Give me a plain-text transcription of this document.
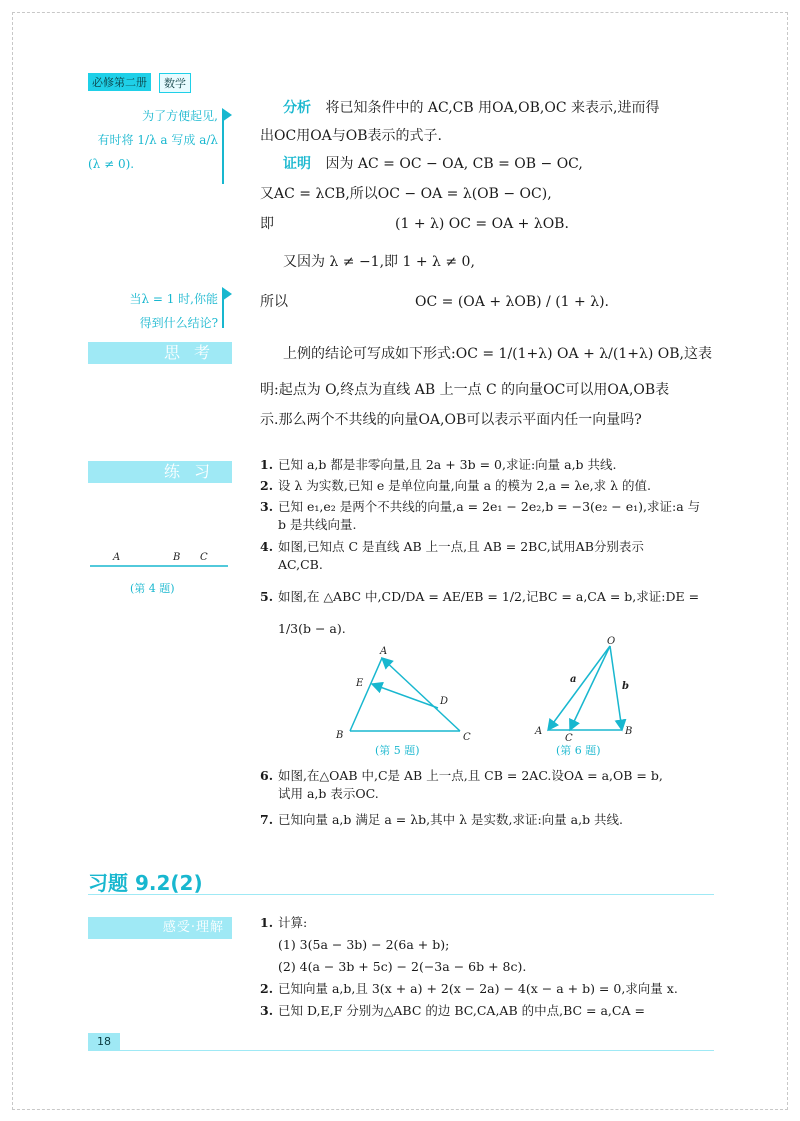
必修第二册	数学
为了方便起见,
有时将 1/λ a 写成 a/λ
(λ ≠ 0).
分析 将已知条件中的 AC,CB 用OA,OB,OC 来表示,进而得
出OC用OA与OB表示的式子.
证明 因为 AC = OC − OA, CB = OB − OC,
又AC = λCB,所以OC − OA = λ(OB − OC),
即	(1 + λ) OC = OA + λOB.
又因为 λ ≠ −1,即 1 + λ ≠ 0,
所以	OC = (OA + λOB) / (1 + λ).
当λ = 1 时,你能
得到什么结论?
思考	上例的结论可写成如下形式:OC = 1/(1+λ) OA + λ/(1+λ) OB,这表
明:起点为 O,终点为直线 AB 上一点 C 的向量OC可以用OA,OB表
示.那么两个不共线的向量OA,OB可以表示平面内任一向量吗?
练习	1. 已知 a,b 都是非零向量,且 2a + 3b = 0,求证:向量 a,b 共线.
2. 设 λ 为实数,已知 e 是单位向量,向量 a 的模为 2,a = λe,求 λ 的值.
3. 已知 e₁,e₂ 是两个不共线的向量,a = 2e₁ − 2e₂,b = −3(e₂ − e₁),求证:a 与
b 是共线向量.
4. 如图,已知点 C 是直线 AB 上一点,且 AB = 2BC,试用AB分别表示
AC,CB.
5. 如图,在 △ABC 中,CD/DA = AE/EB = 1/2,记BC = a,CA = b,求证:DE =
1/3(b − a).
A	B C
(第 4 题)
A
B	C
D
E
(第 5 题)
O
A	B
C
a
b
(第 6 题)
6. 如图,在△OAB 中,C是 AB 上一点,且 CB = 2AC.设OA = a,OB = b,
试用 a,b 表示OC.
7. 已知向量 a,b 满足 a = λb,其中 λ 是实数,求证:向量 a,b 共线.
习题 9.2(2)
感受·理解	1. 计算:
(1) 3(5a − 3b) − 2(6a + b);
(2) 4(a − 3b + 5c) − 2(−3a − 6b + 8c).
2. 已知向量 a,b,且 3(x + a) + 2(x − 2a) − 4(x − a + b) = 0,求向量 x.
3. 已知 D,E,F 分别为△ABC 的边 BC,CA,AB 的中点,BC = a,CA =
18
